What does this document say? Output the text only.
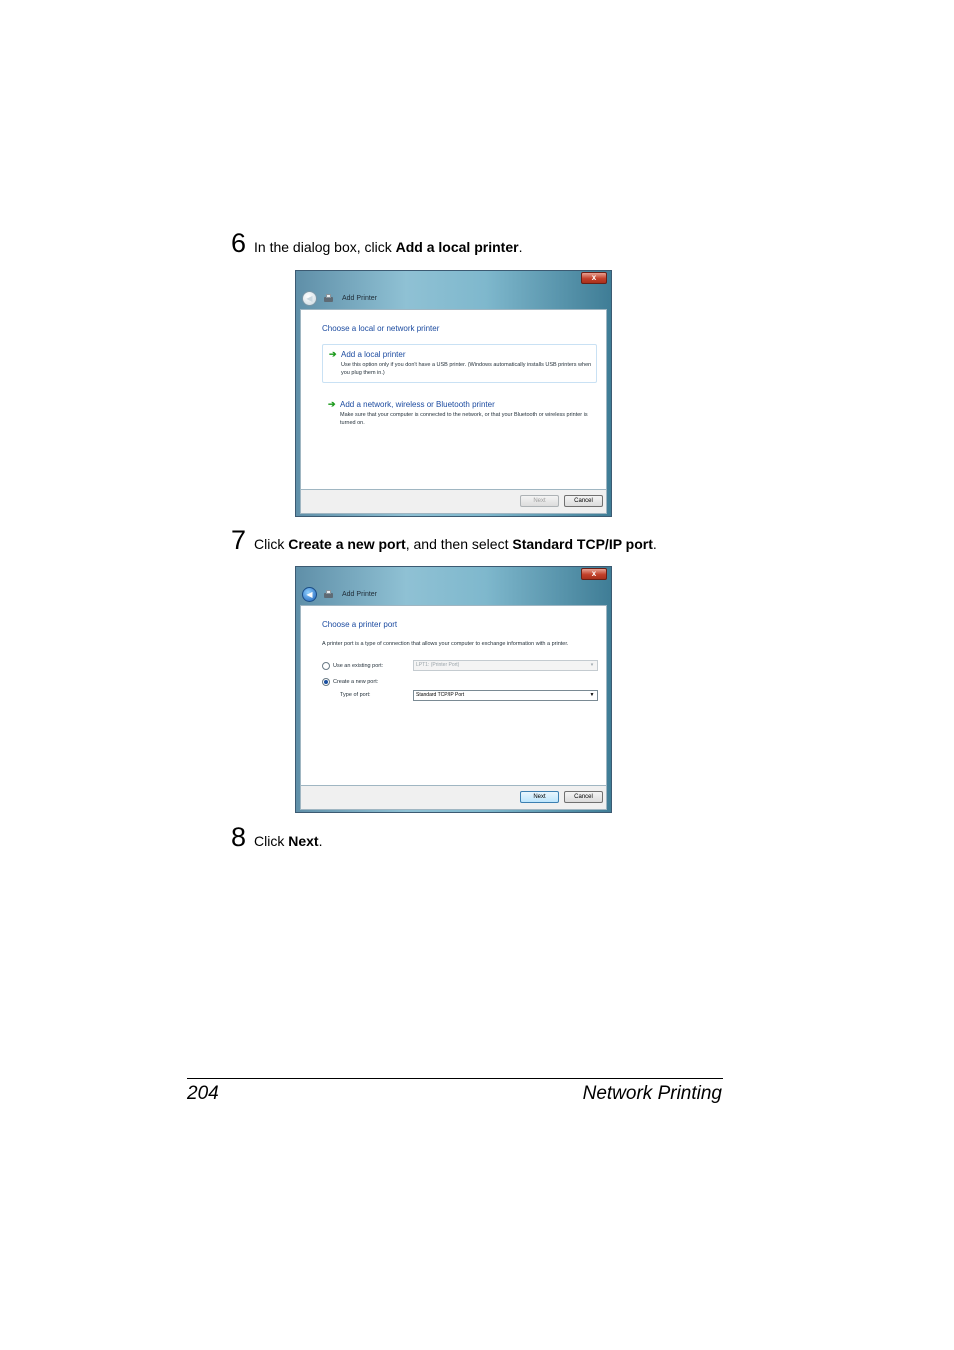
6 In the dialog box, click Add a local printer.
x
◀	Add Printer
Choose a local or network printer
➔ Add a local printer
Use this option only if you don't have a USB printer. (Windows automatically installs USB printers when you plug them in.)
➔ Add a network, wireless or Bluetooth printer
Make sure that your computer is connected to the network, or that your Bluetooth or wireless printer is turned on.
Next	Cancel
7 Click Create a new port, and then select Standard TCP/IP port.
x
◀	Add Printer
Choose a printer port
A printer port is a type of connection that allows your computer to exchange information with a printer.
Use an existing port:	LPT1: (Printer Port)	▾
Create a new port:
Type of port:	Standard TCP/IP Port	▼
Next	Cancel
8 Click Next.
204	Network Printing
